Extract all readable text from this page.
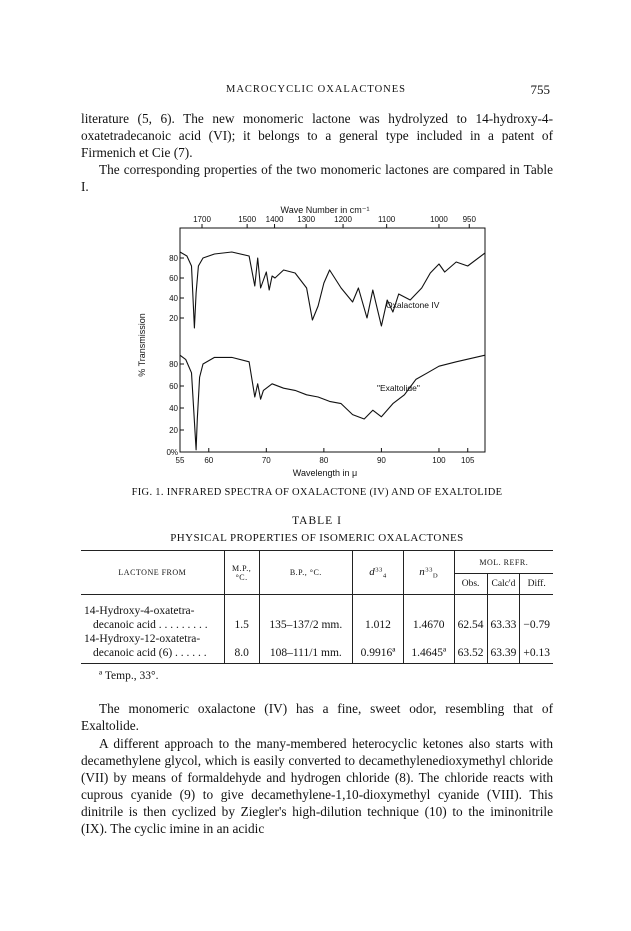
MACROCYCLIC OXALACTONES	755

literature (5, 6). The new monomeric lactone was hydrolyzed to 14-hydroxy-4-oxatetradecanoic acid (VI); it belongs to a general type included in a patent of Firmenich et Cie (7).

The corresponding properties of the two monomeric lactones are compared in Table I.

Wave Number in cm⁻¹
1700	1500 1400 1300 1200	1100	1000 950
80
60
40
20
80
60
40
20
0%
% Transmission
55 60	70	80	90	100 105
Wavelength in μ
Oxalactone IV
"Exaltolide"
FIG. 1. INFRARED SPECTRA OF OXALACTONE (IV) AND OF EXALTOLIDE
TABLE I
PHYSICAL PROPERTIES OF ISOMERIC OXALACTONES
LACTONE FROM	M.P., °C.	B.P., °C.	$d^{33}_4$	$n^{33}_D$	MOL. REFR.		
					Obs.	Calc'd	Diff.
14-Hydroxy-4-oxatetra-							
decanoic acid . . . . . . . . .	1.5	135–137/2 mm.	1.012	1.4670	62.54	63.33	−0.79
14-Hydroxy-12-oxatetra-							
decanoic acid (6) . . . . . .	8.0	108–111/1 mm.	0.9916ª	1.4645ª	63.52	63.39	+0.13
ª Temp., 33°.

The monomeric oxalactone (IV) has a fine, sweet odor, resembling that of Exaltolide.

A different approach to the many-membered heterocyclic ketones also starts with decamethylene glycol, which is easily converted to decamethylenedioxymethyl chloride (VII) by means of formaldehyde and hydrogen chloride (8). The chloride reacts with cuprous cyanide (9) to give decamethylene-1,10-dioxymethyl cyanide (VIII). This dinitrile is then cyclized by Ziegler's high-dilution technique (10) to the iminonitrile (IX). The cyclic imine in an acidic
